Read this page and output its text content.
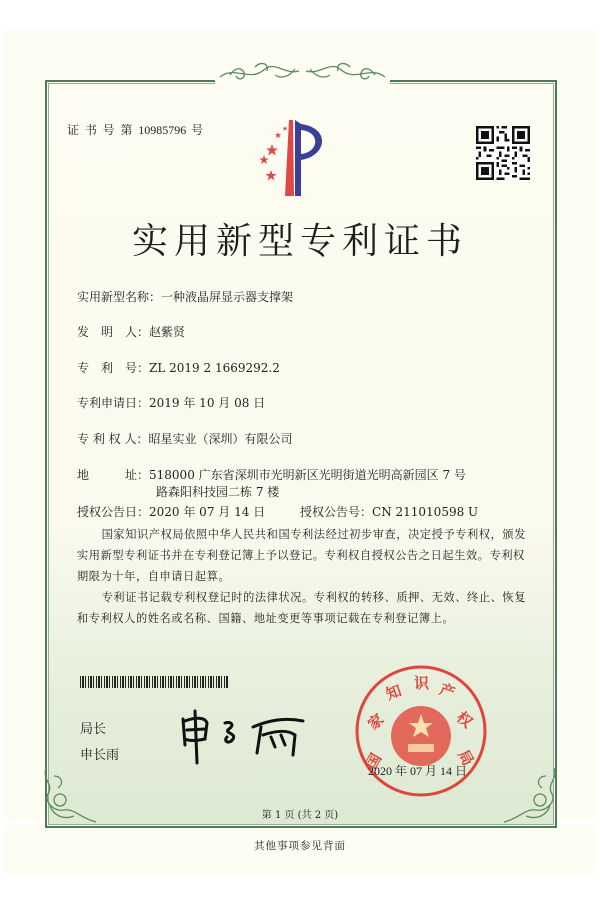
证 书 号 第 10985796 号
实用新型专利证书
实用新型名称：一种液晶屏显示器支撑架
发　明　人：赵紫贤
专　利　号：ZL 2019 2 1669292.2
专利申请日：2019 年 10 月 08 日
专 利 权 人：昭星实业（深圳）有限公司
地　　　址：518000 广东省深圳市光明新区光明街道光明高新园区 7 号
路森阳科技园二栋 7 楼
授权公告日：2020 年 07 月 14 日	授权公告号：CN 211010598 U
国家知识产权局依照中华人民共和国专利法经过初步审查，决定授予专利权，颁发实用新型专利证书并在专利登记簿上予以登记。专利权自授权公告之日起生效。专利权期限为十年，自申请日起算。
专利证书记载专利权登记时的法律状况。专利权的转移、质押、无效、终止、恢复和专利权人的姓名或名称、国籍、地址变更等事项记载在专利登记簿上。
局长
申长雨	国
家
知 识 产
权
局
2020 年 07 月 14 日
第 1 页 (共 2 页)
其他事项参见背面
